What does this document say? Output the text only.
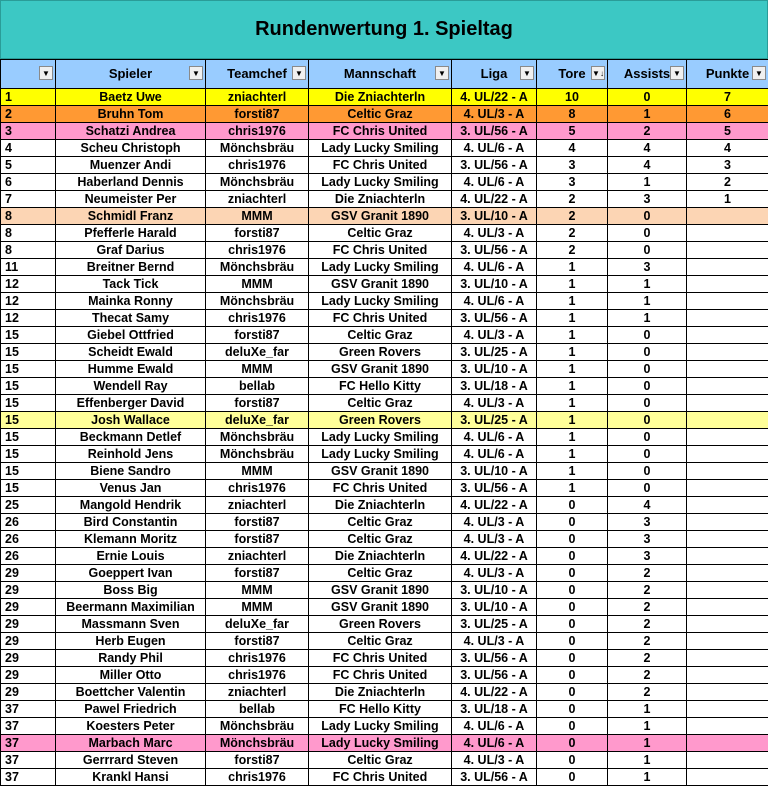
Rundenwertung 1. Spieltag
▼	Spieler ▼	Teamchef ▼	Mannschaft ▼	Liga ▼	Tore ▼↓	Assists ▼	Punkte ▼

1	Baetz Uwe	zniachterl	Die Zniachterln	4. UL/22 - A	10	0	7
2	Bruhn Tom	forsti87	Celtic Graz	4. UL/3 - A	8	1	6
3	Schatzi Andrea	chris1976	FC Chris United	3. UL/56 - A	5	2	5
4	Scheu Christoph	Mönchsbräu	Lady Lucky Smiling	4. UL/6 - A	4	4	4
5	Muenzer Andi	chris1976	FC Chris United	3. UL/56 - A	3	4	3
6	Haberland Dennis	Mönchsbräu	Lady Lucky Smiling	4. UL/6 - A	3	1	2
7	Neumeister Per	zniachterl	Die Zniachterln	4. UL/22 - A	2	3	1
8	Schmidl Franz	MMM	GSV Granit 1890	3. UL/10 - A	2	0	
8	Pfefferle Harald	forsti87	Celtic Graz	4. UL/3 - A	2	0	
8	Graf Darius	chris1976	FC Chris United	3. UL/56 - A	2	0	
11	Breitner Bernd	Mönchsbräu	Lady Lucky Smiling	4. UL/6 - A	1	3	
12	Tack Tick	MMM	GSV Granit 1890	3. UL/10 - A	1	1	
12	Mainka Ronny	Mönchsbräu	Lady Lucky Smiling	4. UL/6 - A	1	1	
12	Thecat Samy	chris1976	FC Chris United	3. UL/56 - A	1	1	
15	Giebel Ottfried	forsti87	Celtic Graz	4. UL/3 - A	1	0	
15	Scheidt Ewald	deluXe_far	Green Rovers	3. UL/25 - A	1	0	
15	Humme Ewald	MMM	GSV Granit 1890	3. UL/10 - A	1	0	
15	Wendell Ray	bellab	FC Hello Kitty	3. UL/18 - A	1	0	
15	Effenberger David	forsti87	Celtic Graz	4. UL/3 - A	1	0	
15	Josh Wallace	deluXe_far	Green Rovers	3. UL/25 - A	1	0	
15	Beckmann Detlef	Mönchsbräu	Lady Lucky Smiling	4. UL/6 - A	1	0	
15	Reinhold Jens	Mönchsbräu	Lady Lucky Smiling	4. UL/6 - A	1	0	
15	Biene Sandro	MMM	GSV Granit 1890	3. UL/10 - A	1	0	
15	Venus Jan	chris1976	FC Chris United	3. UL/56 - A	1	0	
25	Mangold Hendrik	zniachterl	Die Zniachterln	4. UL/22 - A	0	4	
26	Bird Constantin	forsti87	Celtic Graz	4. UL/3 - A	0	3	
26	Klemann Moritz	forsti87	Celtic Graz	4. UL/3 - A	0	3	
26	Ernie Louis	zniachterl	Die Zniachterln	4. UL/22 - A	0	3	
29	Goeppert Ivan	forsti87	Celtic Graz	4. UL/3 - A	0	2	
29	Boss Big	MMM	GSV Granit 1890	3. UL/10 - A	0	2	
29	Beermann Maximilian	MMM	GSV Granit 1890	3. UL/10 - A	0	2	
29	Massmann Sven	deluXe_far	Green Rovers	3. UL/25 - A	0	2	
29	Herb Eugen	forsti87	Celtic Graz	4. UL/3 - A	0	2	
29	Randy Phil	chris1976	FC Chris United	3. UL/56 - A	0	2	
29	Miller Otto	chris1976	FC Chris United	3. UL/56 - A	0	2	
29	Boettcher Valentin	zniachterl	Die Zniachterln	4. UL/22 - A	0	2	
37	Pawel Friedrich	bellab	FC Hello Kitty	3. UL/18 - A	0	1	
37	Koesters Peter	Mönchsbräu	Lady Lucky Smiling	4. UL/6 - A	0	1	
37	Marbach Marc	Mönchsbräu	Lady Lucky Smiling	4. UL/6 - A	0	1	
37	Gerrrard Steven	forsti87	Celtic Graz	4. UL/3 - A	0	1	
37	Krankl Hansi	chris1976	FC Chris United	3. UL/56 - A	0	1	
